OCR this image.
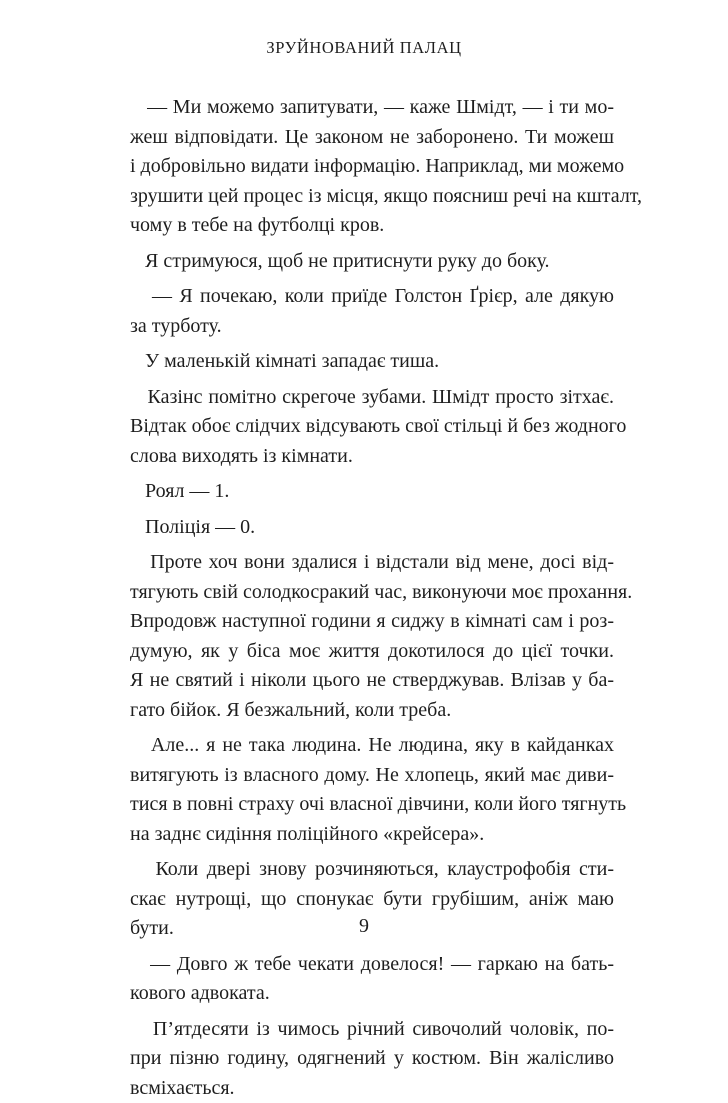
ЗРУЙНОВАНИЙ ПАЛАЦ
— Ми можемо запитувати, — каже Шмідт, — і ти мо-
жеш відповідати. Це законом не заборонено. Ти можеш
і добровільно видати інформацію. Наприклад, ми можемо
зрушити цей процес із місця, якщо поясниш речі на кшталт,
чому в тебе на футболці кров.
Я стримуюся, щоб не притиснути руку до боку.
— Я почекаю, коли приїде Голстон Ґрієр, але дякую
за турботу.
У маленькій кімнаті западає тиша.
Казінс помітно скрегоче зубами. Шмідт просто зітхає.
Відтак обоє слідчих відсувають свої стільці й без жодного
слова виходять із кімнати.
Роял — 1.
Поліція — 0.
Проте хоч вони здалися і відстали від мене, досі від-
тягують свій солодкосракий час, виконуючи моє прохання.
Впродовж наступної години я сиджу в кімнаті сам і роз-
думую, як у біса моє життя докотилося до цієї точки.
Я не святий і ніколи цього не стверджував. Влізав у ба-
гато бійок. Я безжальний, коли треба.
Але... я не така людина. Не людина, яку в кайданках
витягують із власного дому. Не хлопець, який має диви-
тися в повні страху очі власної дівчини, коли його тягнуть
на заднє сидіння поліційного «крейсера».
Коли двері знову розчиняються, клаустрофобія сти-
скає нутрощі, що спонукає бути грубішим, аніж маю
бути.
— Довго ж тебе чекати довелося! — гаркаю на бать-
кового адвоката.
П’ятдесяти із чимось річний сивочолий чоловік, по-
при пізню годину, одягнений у костюм. Він жалісливо
всміхається.
9
